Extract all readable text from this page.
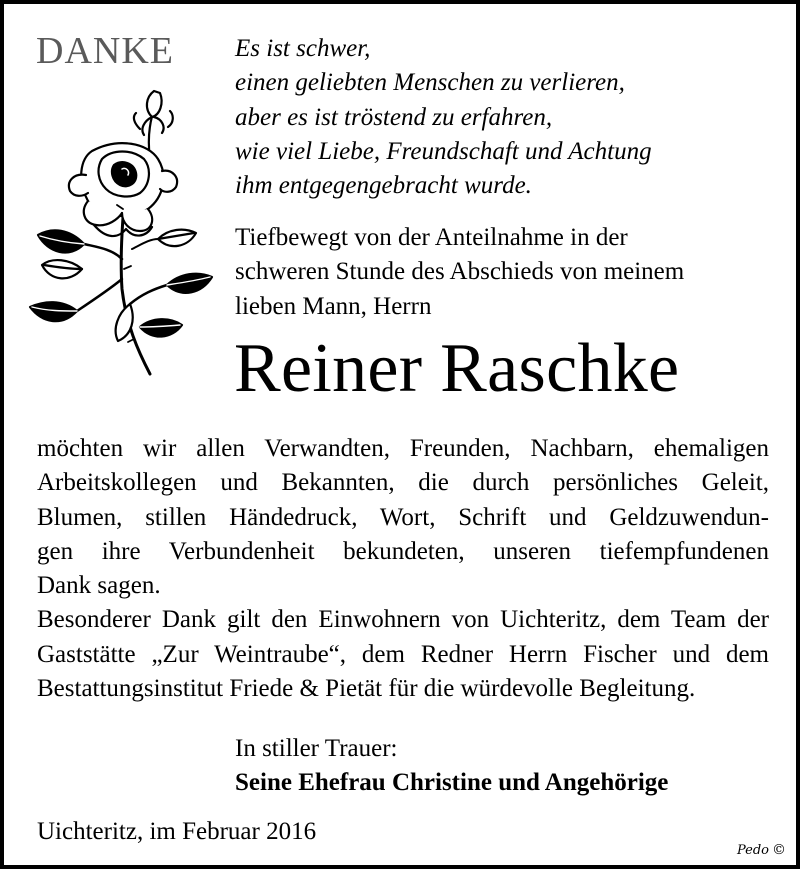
DANKE Es ist schwer,
einen geliebten Menschen zu verlieren,
aber es ist tröstend zu erfahren,
wie viel Liebe, Freundschaft und Achtung
ihm entgegengebracht wurde.
Tiefbewegt von der Anteilnahme in der
schweren Stunde des Abschieds von meinem
lieben Mann, Herrn
Reiner Raschke
möchten wir allen Verwandten, Freunden, Nachbarn, ehemaligen
Arbeitskollegen und Bekannten, die durch persönliches Geleit,
Blumen, stillen Händedruck, Wort, Schrift und Geldzuwendun-
gen ihre Verbundenheit bekundeten, unseren tiefempfundenen
Dank sagen.
Besonderer Dank gilt den Einwohnern von Uichteritz, dem Team der
Gaststätte „Zur Weintraube“, dem Redner Herrn Fischer und dem
Bestattungsinstitut Friede & Pietät für die würdevolle Begleitung.
In stiller Trauer:
Seine Ehefrau Christine und Angehörige
Uichteritz, im Februar 2016
Pedo ©
